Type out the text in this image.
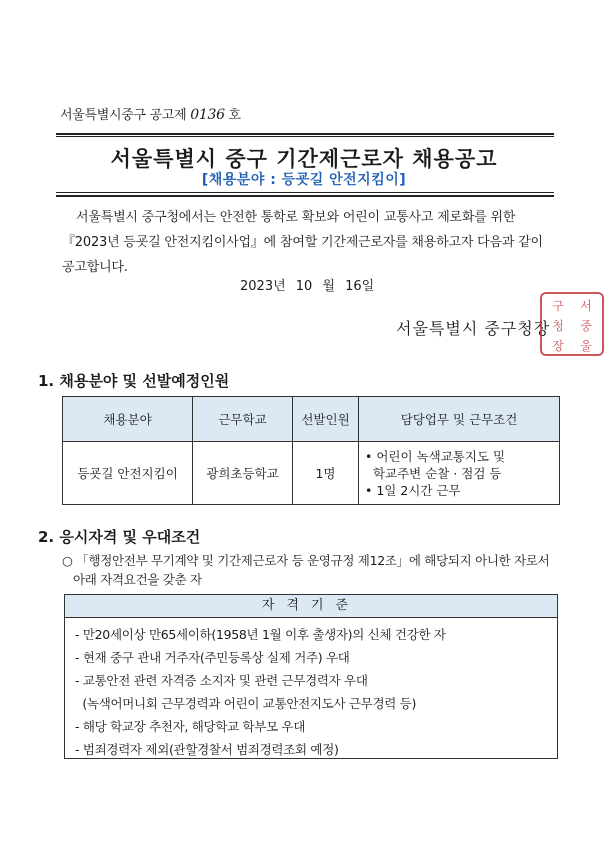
서울특별시중구 공고제 0136 호
서울특별시 중구 기간제근로자 채용공고
[채용분야 : 등굣길 안전지킴이]

서울특별시 중구청에서는 안전한 통학로 확보와 어린이 교통사고 제로화를 위한

『2023년 등굣길 안전지킴이사업』에 참여할 기간제근로자를 채용하고자 다음과 같이

공고합니다.

2023년 10 월 16일
서울특별시 중구청장
구	서
청	중
장	울
1. 채용분야 및 선발예정인원
채용분야	근무학교	선발인원	담당업무 및 근무조건
등굣길 안전지킴이	광희초등학교	1명	• 어린이 녹색교통지도 및
학교주변 순찰 · 점검 등
• 1일 2시간 근무
2. 응시자격 및 우대조건
○ 「행정안전부 무기계약 및 기간제근로자 등 운영규정 제12조」에 해당되지 아니한 자로서
아래 자격요건을 갖춘 자
자격기준
- 만20세이상 만65세이하(1958년 1월 이후 출생자)의 신체 건강한 자
- 현재 중구 관내 거주자(주민등록상 실제 거주) 우대
- 교통안전 관련 자격증 소지자 및 관련 근무경력자 우대
(녹색어머니회 근무경력과 어린이 교통안전지도사 근무경력 등)
- 해당 학교장 추천자, 해당학교 학부모 우대
- 범죄경력자 제외(관할경찰서 범죄경력조회 예정)
